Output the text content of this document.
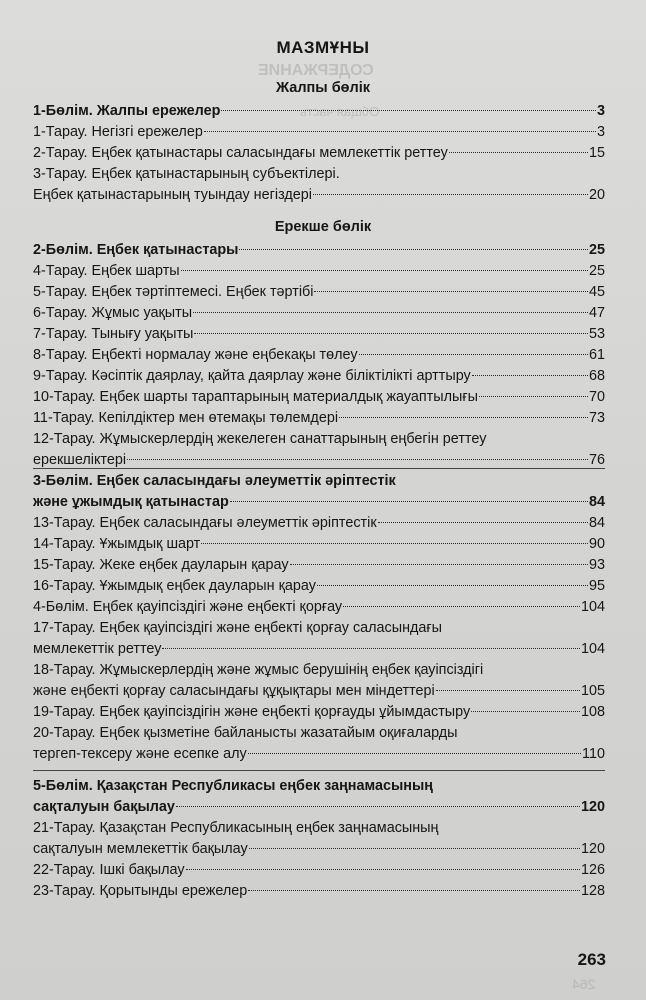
СОДЕРЖАНИЕ
Общая часть
264
МАЗМҰНЫ
Жалпы бөлік
1-Бөлім. Жалпы ережелер	3
1-Тарау. Негізгі ережелер	3
2-Тарау. Еңбек қатынастары саласындағы мемлекеттік реттеу	15
3-Тарау. Еңбек қатынастарының субъектілері.
Еңбек қатынастарының туындау негіздері	20
Ерекше бөлік
2-Бөлім. Еңбек қатынастары	25
4-Тарау. Еңбек шарты	25
5-Тарау. Еңбек тәртіптемесі. Еңбек тәртібі	45
6-Тарау. Жұмыс уақыты	47
7-Тарау. Тынығу уақыты	53
8-Тарау. Еңбекті нормалау және еңбекақы төлеу	61
9-Тарау. Кәсіптік даярлау, қайта даярлау және біліктілікті арттыру	68
10-Тарау. Еңбек шарты тараптарының материалдық жауаптылығы	70
11-Тарау. Кепілдіктер мен өтемақы төлемдері	73
12-Тарау. Жұмыскерлердің жекелеген санаттарының еңбегін реттеу
ерекшеліктері	76
3-Бөлім. Еңбек саласындағы әлеуметтік әріптестік
және ұжымдық қатынастар	84
13-Тарау. Еңбек саласындағы әлеуметтік әріптестік	84
14-Тарау. Ұжымдық шарт	90
15-Тарау. Жеке еңбек дауларын қарау	93
16-Тарау. Ұжымдық еңбек дауларын қарау	95
4-Бөлім. Еңбек қауіпсіздігі және еңбекті қорғау	104
17-Тарау. Еңбек қауіпсіздігі және еңбекті қорғау саласындағы
мемлекеттік реттеу	104
18-Тарау. Жұмыскерлердің және жұмыс берушінің еңбек қауіпсіздігі
және еңбекті қорғау саласындағы құқықтары мен міндеттері	105
19-Тарау. Еңбек қауіпсіздігін және еңбекті қорғауды ұйымдастыру	108
20-Тарау. Еңбек қызметіне байланысты жазатайым оқиғаларды
тергеп-тексеру және есепке алу	110
5-Бөлім. Қазақстан Республикасы еңбек заңнамасының
сақталуын бақылау	120
21-Тарау. Қазақстан Республикасының еңбек заңнамасының
сақталуын мемлекеттік бақылау	120
22-Тарау. Ішкі бақылау	126
23-Тарау. Қорытынды ережелер	128
263
